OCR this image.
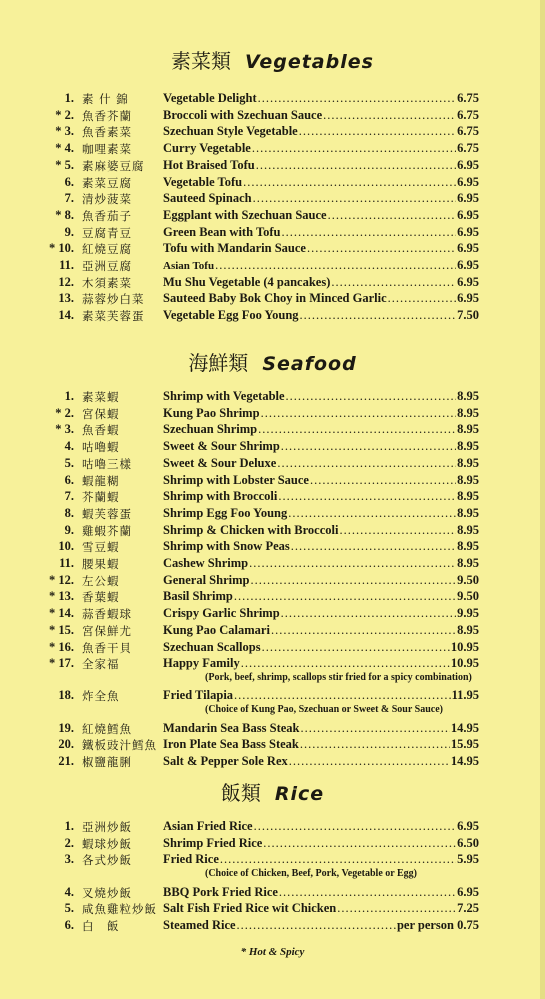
素菜類 Vegetables
1. 素 什 錦	Vegetable Delight .....	6.75
* 2. 魚香芥蘭	Broccoli with Szechuan Sauce .....	6.75
* 3. 魚香素菜	Szechuan Style Vegetable .....	6.75
* 4. 咖哩素菜	Curry Vegetable .....	6.75
* 5. 素麻婆豆腐	Hot Braised Tofu .....	6.95
6. 素菜豆腐	Vegetable Tofu .....	6.95
7. 清炒菠菜	Sauteed Spinach .....	6.95
* 8. 魚香茄子	Eggplant with Szechuan Sauce .....	6.95
9. 豆腐青豆	Green Bean with Tofu .....	6.95
* 10. 紅燒豆腐	Tofu with Mandarin Sauce .....	6.95
11. 亞洲豆腐	Asian Tofu .....	6.95
12. 木須素菜	Mu Shu Vegetable (4 pancakes) .....	6.95
13. 蒜蓉炒白菜	Sauteed Baby Bok Choy in Minced Garlic .....	6.95
14. 素菜芙蓉蛋	Vegetable Egg Foo Young .....	7.50
海鮮類 Seafood
1. 素菜蝦	Shrimp with Vegetable .....	8.95
* 2. 宮保蝦	Kung Pao Shrimp .....	8.95
* 3. 魚香蝦	Szechuan Shrimp .....	8.95
4. 咕嚕蝦	Sweet & Sour Shrimp .....	8.95
5. 咕嚕三樣	Sweet & Sour Deluxe .....	8.95
6. 蝦龍糊	Shrimp with Lobster Sauce .....	8.95
7. 芥蘭蝦	Shrimp with Broccoli .....	8.95
8. 蝦芙蓉蛋	Shrimp Egg Foo Young .....	8.95
9. 雞蝦芥蘭	Shrimp & Chicken with Broccoli .....	8.95
10. 雪豆蝦	Shrimp with Snow Peas .....	8.95
11. 腰果蝦	Cashew Shrimp .....	8.95
* 12. 左公蝦	General Shrimp .....	9.50
* 13. 香葉蝦	Basil Shrimp .....	9.50
* 14. 蒜香蝦球	Crispy Garlic Shrimp .....	9.95
* 15. 宮保鮮尤	Kung Pao Calamari .....	8.95
* 16. 魚香干貝	Szechuan Scallops .....	10.95
* 17. 全家福	Happy Family .....	10.95
(Pork, beef, shrimp, scallops stir fried for a spicy combination)
18. 炸全魚	Fried Tilapia .....	11.95
(Choice of Kung Pao, Szechuan or Sweet & Sour Sauce)
19. 紅燒鱈魚	Mandarin Sea Bass Steak .....	14.95
20. 鐵板豉汁鱈魚 Iron Plate Sea Bass Steak .....	15.95
21. 椒鹽龍脷	Salt & Pepper Sole Rex .....	14.95
飯類 Rice
1. 亞洲炒飯	Asian Fried Rice .....	6.95
2. 蝦球炒飯	Shrimp Fried Rice .....	6.50
3. 各式炒飯	Fried Rice .....	5.95
(Choice of Chicken, Beef, Pork, Vegetable or Egg)
4. 叉燒炒飯	BBQ Pork Fried Rice .....	6.95
5. 咸魚雞粒炒飯 Salt Fish Fried Rice wit Chicken .....	7.25
6. 白　飯	Steamed Rice .....	per person 0.75
* Hot & Spicy
